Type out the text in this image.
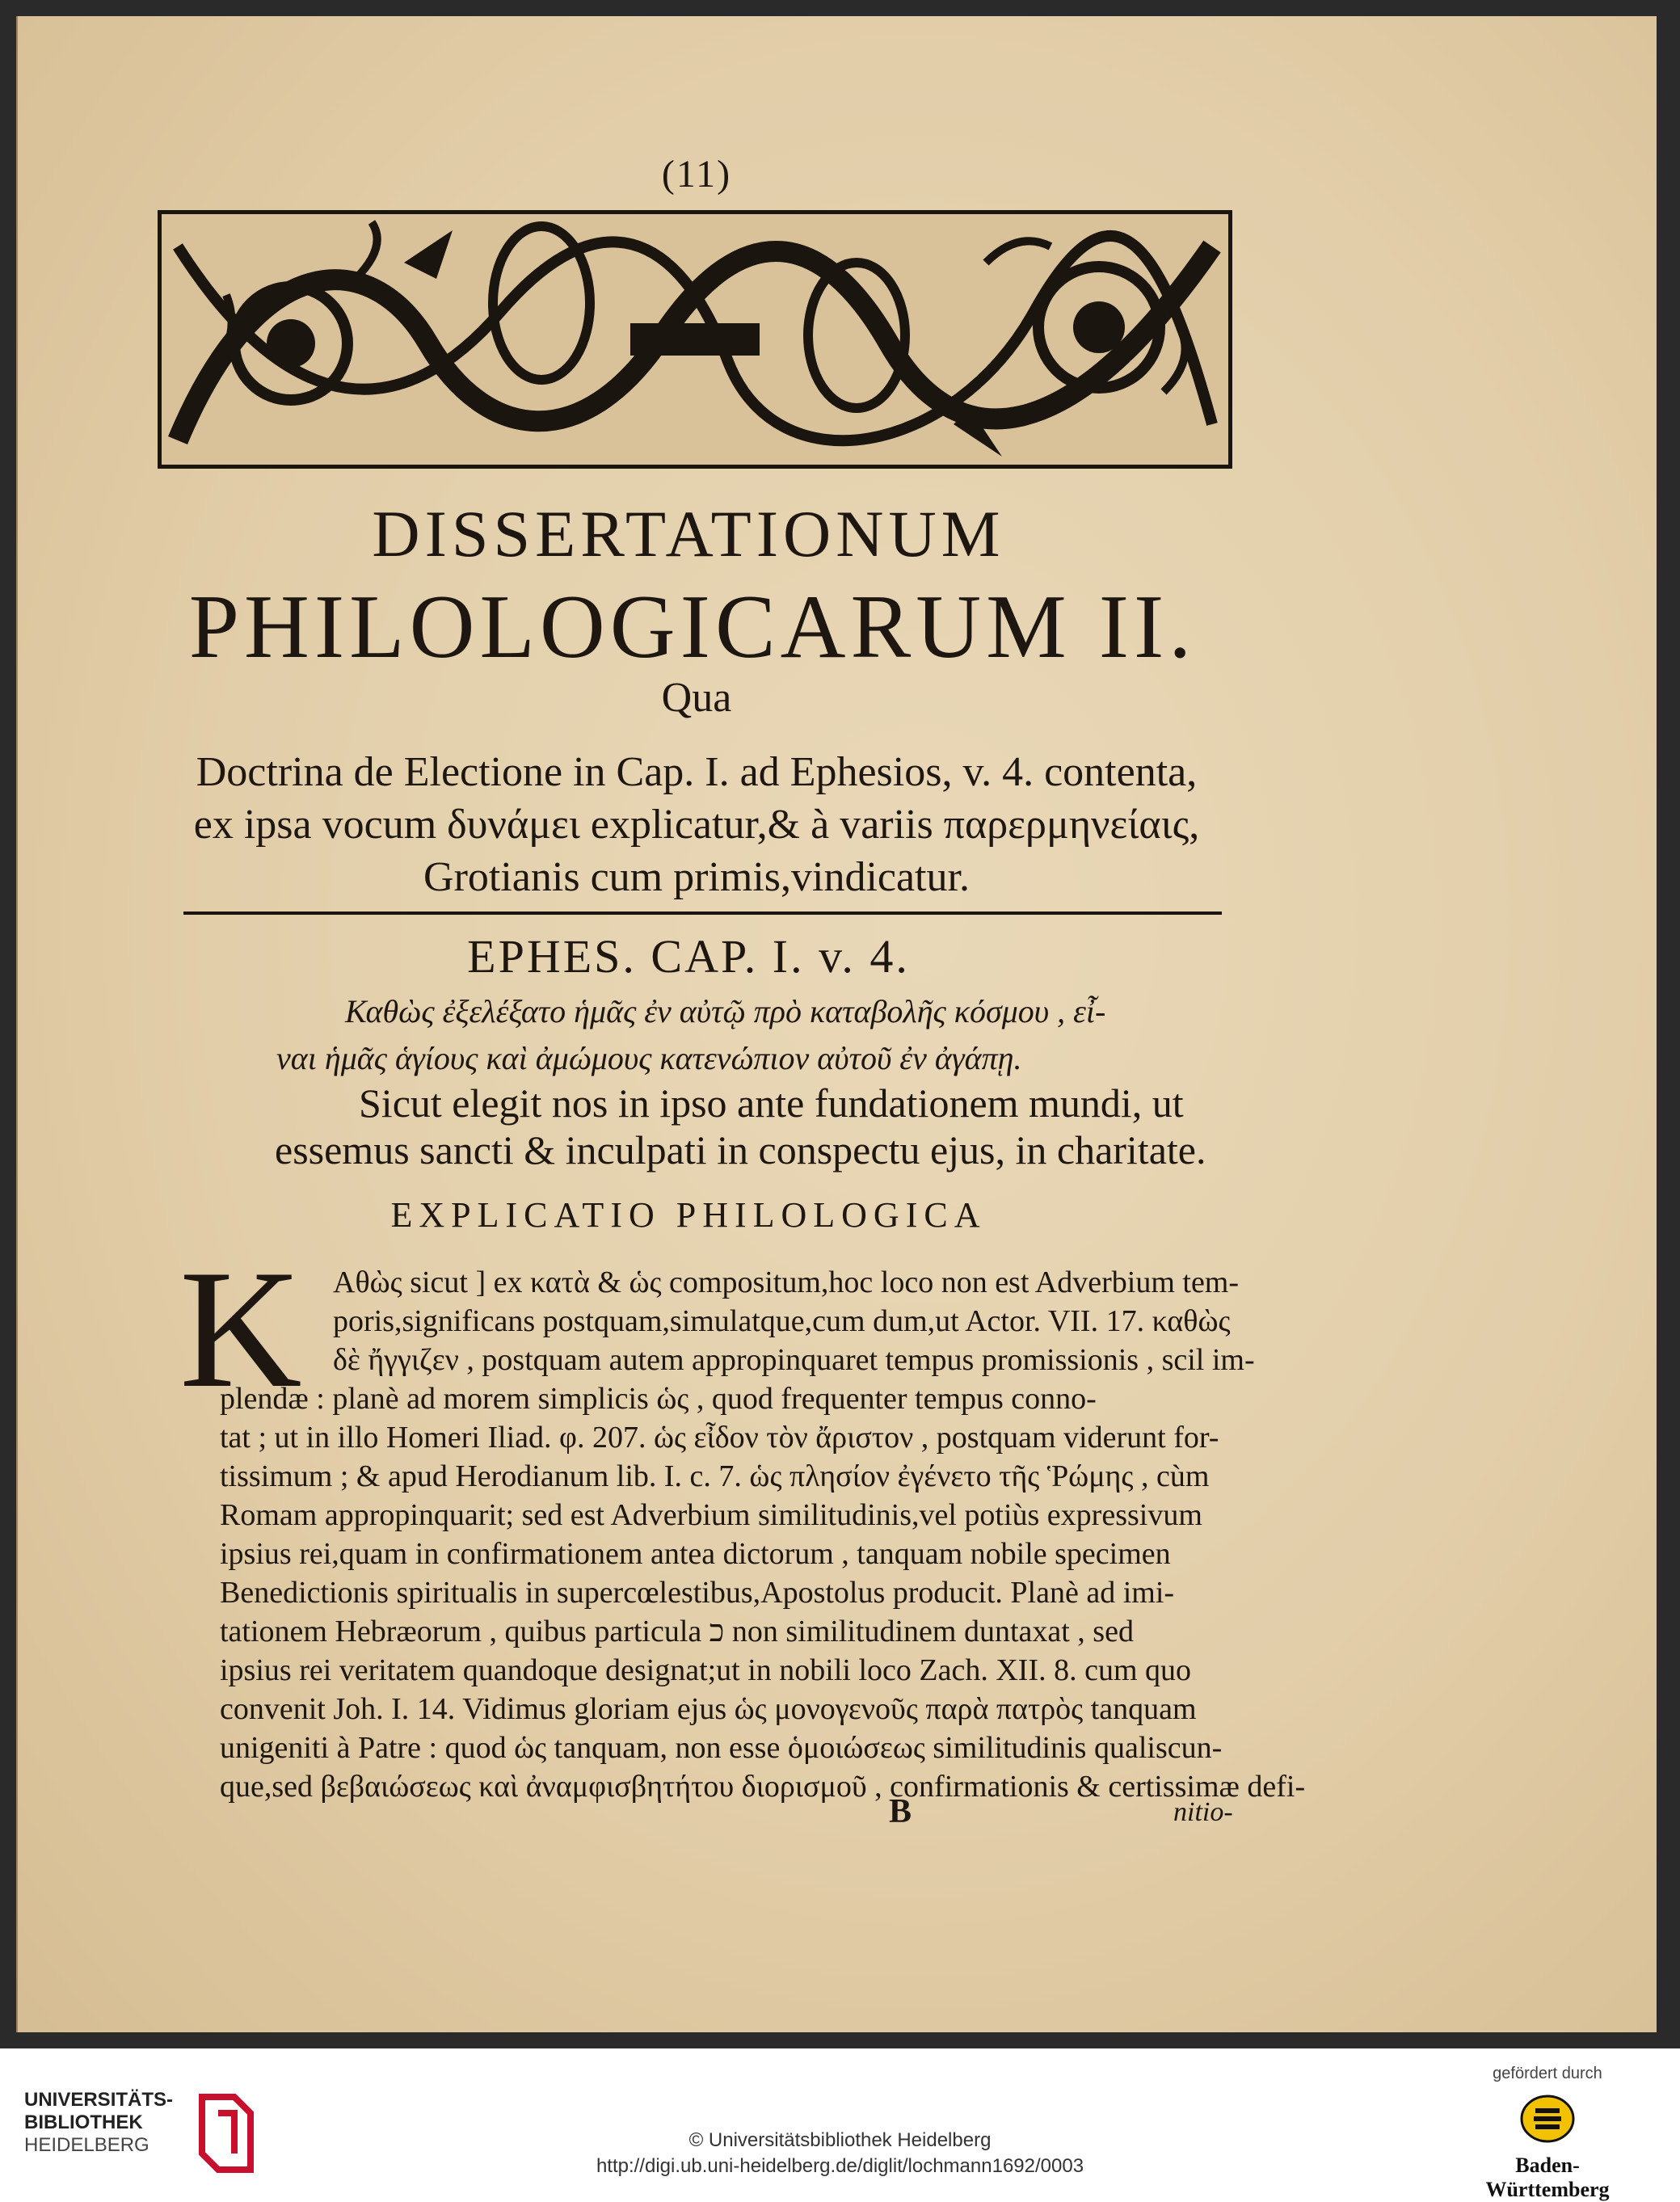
(11)
DISSERTATIONUM
PHILOLOGICARUM II.
Qua
Doctrina de Electione in Cap. I. ad Ephesios, v. 4. contenta,
ex ipsa vocum δυνάμει explicatur,& à variis παρερμηνείαις,
Grotianis cum primis,vindicatur.
EPHES. CAP. I. v. 4.
Καθὼς ἐξελέξατο ἡμᾶς ἐν αὐτῷ πρὸ καταβολῆς κόσμου , εἶ-
ναι ἡμᾶς ἁγίους καὶ ἀμώμους κατενώπιον αὐτοῦ ἐν ἀγάπῃ.
Sicut elegit nos in ipso ante fundationem mundi, ut
essemus sancti & inculpati in conspectu ejus, in charitate.
EXPLICATIO PHILOLOGICA
K Αθὼς sicut ] ex κατὰ & ὡς compositum,hoc loco non est Adverbium tem-
poris,significans postquam,simulatque,cum dum,ut Actor. VII. 17. καθὼς
δὲ ἤγγιζεν , postquam autem appropinquaret tempus promissionis , scil im-
plendæ : planè ad morem simplicis ὡς , quod frequenter tempus conno-
tat ; ut in illo Homeri Iliad. φ. 207. ὡς εἶδον τὸν ἄριστον , postquam viderunt for-
tissimum ; & apud Herodianum lib. I. c. 7. ὡς πλησίον ἐγένετο τῆς Ῥώμης , cùm
Romam appropinquarit; sed est Adverbium similitudinis,vel potiùs expressivum
ipsius rei,quam in confirmationem antea dictorum , tanquam nobile specimen
Benedictionis spiritualis in supercœlestibus,Apostolus producit. Planè ad imi-
tationem Hebræorum , quibus particula כ non similitudinem duntaxat , sed
ipsius rei veritatem quandoque designat;ut in nobili loco Zach. XII. 8. cum quo
convenit Joh. I. 14. Vidimus gloriam ejus ὡς μονογενοῦς παρὰ πατρὸς tanquam
unigeniti à Patre : quod ὡς tanquam, non esse ὁμοιώσεως similitudinis qualiscun-
que,sed βεβαιώσεως καὶ ἀναμφισβητήτου διορισμοῦ , confirmationis & certissimæ defi-
B	nitio-
UNIVERSITÄTS-
BIBLIOTHEK
HEIDELBERG	© Universitätsbibliothek Heidelberg
http://digi.ub.uni-heidelberg.de/diglit/lochmann1692/0003
gefördert durch
Baden-Württemberg
